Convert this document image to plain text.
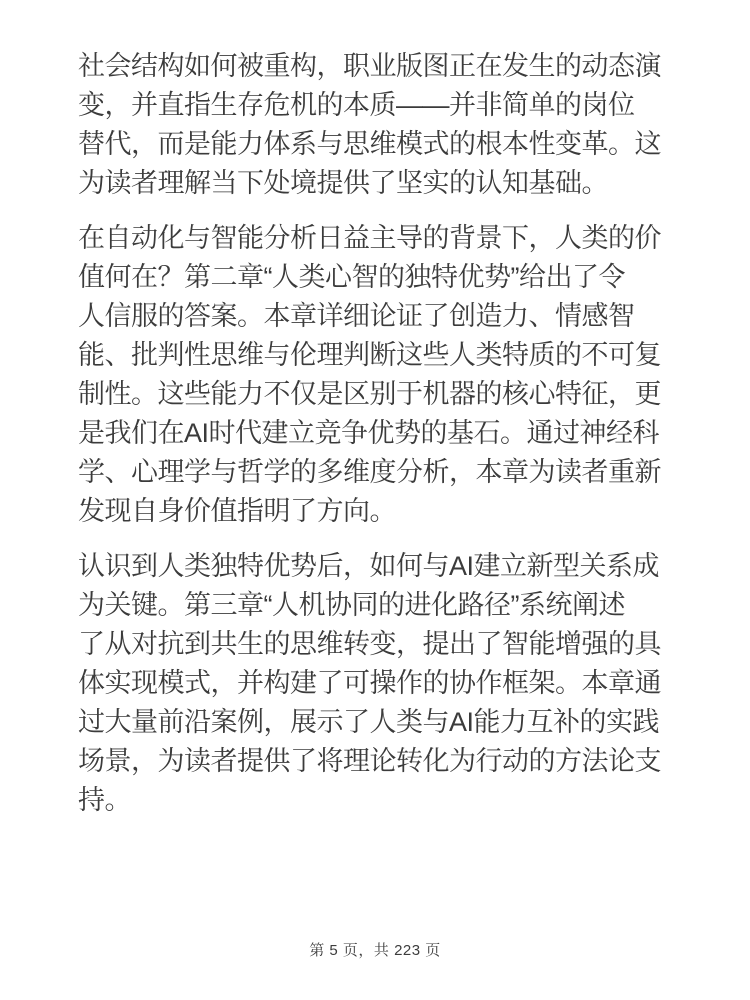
社会结构如何被重构，职业版图正在发生的动态演
变，并直指生存危机的本质——并非简单的岗位
替代，而是能力体系与思维模式的根本性变革。这
为读者理解当下处境提供了坚实的认知基础。
在自动化与智能分析日益主导的背景下，人类的价
值何在？第二章“人类心智的独特优势”给出了令
人信服的答案。本章详细论证了创造力、情感智
能、批判性思维与伦理判断这些人类特质的不可复
制性。这些能力不仅是区别于机器的核心特征，更
是我们在AI时代建立竞争优势的基石。通过神经科
学、心理学与哲学的多维度分析，本章为读者重新
发现自身价值指明了方向。
认识到人类独特优势后，如何与AI建立新型关系成
为关键。第三章“人机协同的进化路径”系统阐述
了从对抗到共生的思维转变，提出了智能增强的具
体实现模式，并构建了可操作的协作框架。本章通
过大量前沿案例，展示了人类与AI能力互补的实践
场景，为读者提供了将理论转化为行动的方法论支
持。
第 5 页，共 223 页
